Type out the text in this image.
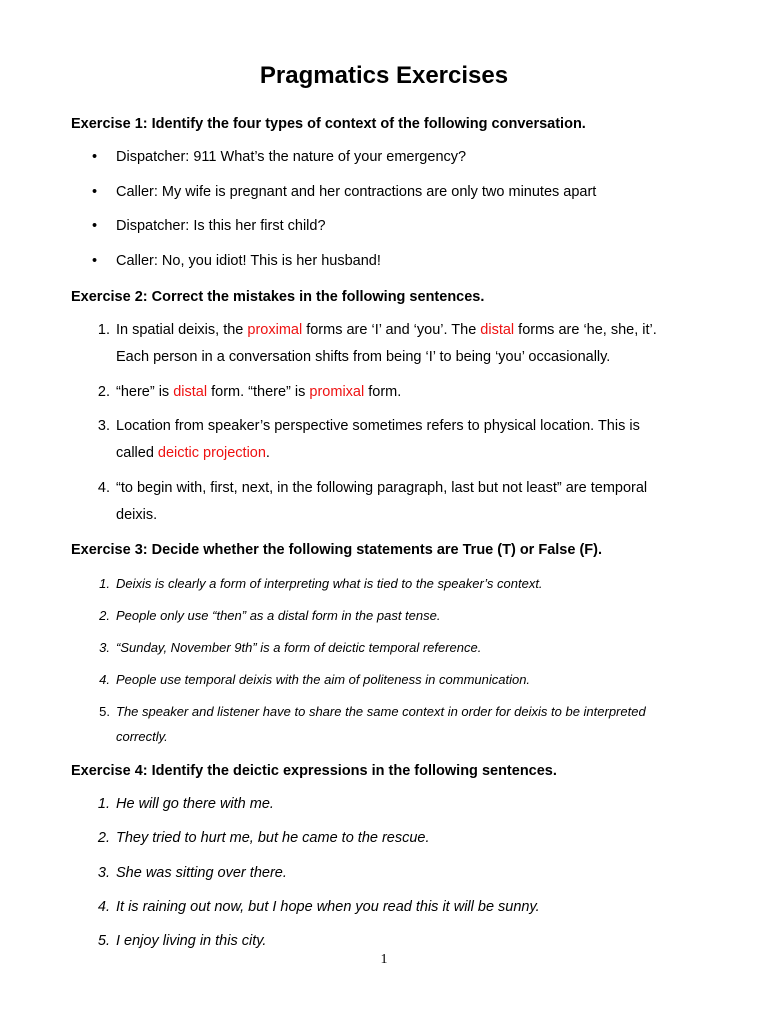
Pragmatics Exercises
Exercise 1: Identify the four types of context of the following conversation.
•	Dispatcher: 911 What’s the nature of your emergency?
•	Caller: My wife is pregnant and her contractions are only two minutes apart
•	Dispatcher: Is this her first child?
•	Caller: No, you idiot! This is her husband!
Exercise 2: Correct the mistakes in the following sentences.
1. In spatial deixis, the proximal forms are ‘I’ and ‘you’. The distal forms are ‘he, she, it’.
Each person in a conversation shifts from being ‘I’ to being ‘you’ occasionally.
2. “here” is distal form. “there” is promixal form.
3. Location from speaker’s perspective sometimes refers to physical location. This is
called deictic projection.
4. “to begin with, first, next, in the following paragraph, last but not least” are temporal
deixis.
Exercise 3: Decide whether the following statements are True (T) or False (F).
1. Deixis is clearly a form of interpreting what is tied to the speaker’s context.
2. People only use “then” as a distal form in the past tense.
3. “Sunday, November 9th” is a form of deictic temporal reference.
4. People use temporal deixis with the aim of politeness in communication.
5. The speaker and listener have to share the same context in order for deixis to be interpreted
correctly.
Exercise 4: Identify the deictic expressions in the following sentences.
1. He will go there with me.
2. They tried to hurt me, but he came to the rescue.
3. She was sitting over there.
4. It is raining out now, but I hope when you read this it will be sunny.
5. I enjoy living in this city.
1
